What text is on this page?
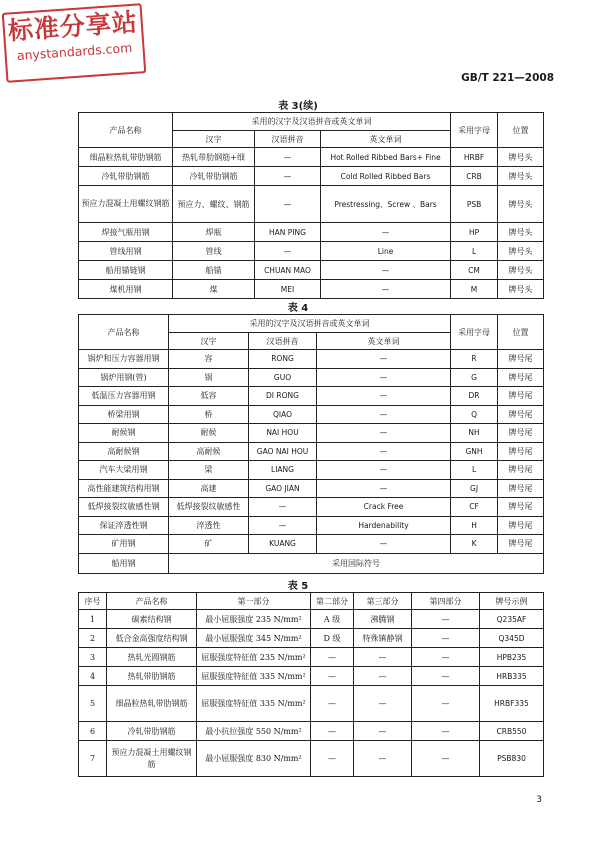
标准分享站
anystandards.com
GB/T 221—2008
表 3(续)
产品名称	采用的汉字及汉语拼音或英文单词			采用字母	位置
	汉字	汉语拼音	英文单词		
细晶粒热轧带肋钢筋	热轧带肋钢筋+细	—	Hot Rolled Ribbed Bars+ Fine	HRBF	牌号头
冷轧带肋钢筋	冷轧带肋钢筋	—	Cold Rolled Ribbed Bars	CRB	牌号头
预应力混凝土用螺纹钢筋	预应力、螺纹、钢筋	—	Prestressing、Screw 、Bars	PSB	牌号头
焊接气瓶用钢	焊瓶	HAN PING	—	HP	牌号头
管线用钢	管线	—	Line	L	牌号头
船用锚链钢	船锚	CHUAN MAO	—	CM	牌号头
煤机用钢	煤	MEI	—	M	牌号头
表 4
产品名称	采用的汉字及汉语拼音或英文单词			采用字母	位置
	汉字	汉语拼音	英文单词		
锅炉和压力容器用钢	容	RONG	—	R	牌号尾
锅炉用钢(管)	锅	GUO	—	G	牌号尾
低温压力容器用钢	低容	DI RONG	—	DR	牌号尾
桥梁用钢	桥	QIAO	—	Q	牌号尾
耐候钢	耐候	NAI HOU	—	NH	牌号尾
高耐候钢	高耐候	GAO NAI HOU	—	GNH	牌号尾
汽车大梁用钢	梁	LIANG	—	L	牌号尾
高性能建筑结构用钢	高建	GAO JIAN	—	GJ	牌号尾
低焊接裂纹敏感性钢	低焊接裂纹敏感性	—	Crack Free	CF	牌号尾
保证淬透性钢	淬透性	—	Hardenability	H	牌号尾
矿用钢	矿	KUANG	—	K	牌号尾
船用钢	采用国际符号				
表 5
序号	产品名称	第一部分	第二部分	第三部分	第四部分	牌号示例
1	碳素结构钢	最小屈服强度 235 N/mm²	A 级	沸腾钢	—	Q235AF
2	低合金高强度结构钢	最小屈服强度 345 N/mm²	D 级	特殊镇静钢	—	Q345D
3	热轧光圆钢筋	屈服强度特征值 235 N/mm²	—	—	—	HPB235
4	热轧带肋钢筋	屈服强度特征值 335 N/mm²	—	—	—	HRB335
5	细晶粒热轧带肋钢筋	屈服强度特征值 335 N/mm²	—	—	—	HRBF335
6	冷轧带肋钢筋	最小抗拉强度 550 N/mm²	—	—	—	CRB550
7	预应力混凝土用螺纹钢筋	最小屈服强度 830 N/mm²	—	—	—	PSB830
3
